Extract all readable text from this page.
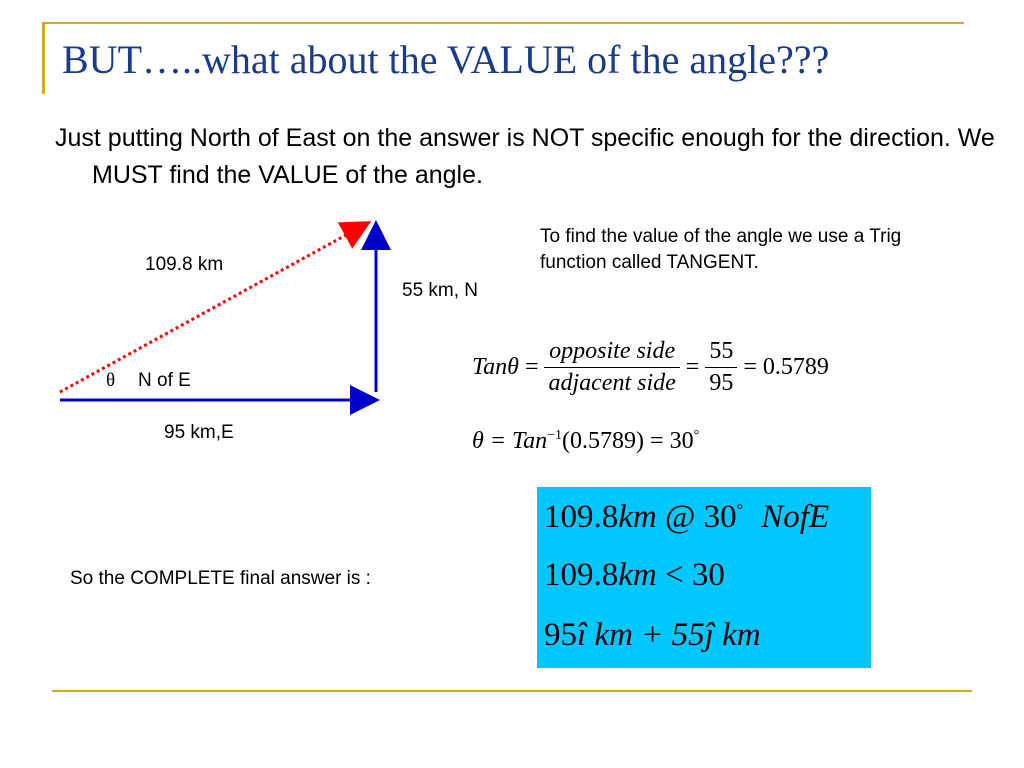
BUT…..what about the VALUE of the angle???
Just putting North of East on the answer is NOT specific enough for the direction. We MUST find the VALUE of the angle.
109.8 km
55 km, N
95 km,E
θ N of E
To find the value of the angle we use a Trig function called TANGENT.
$Tan\theta = \frac{\text{opposite side}}{\text{adjacent side}} = \frac{55}{95} = 0.5789$
θ = Tan$^{-1}$(0.5789) = 30°
So the COMPLETE final answer is :
109.8km @ 30° NofE
109.8km < 30
95î km + 55ĵ km
